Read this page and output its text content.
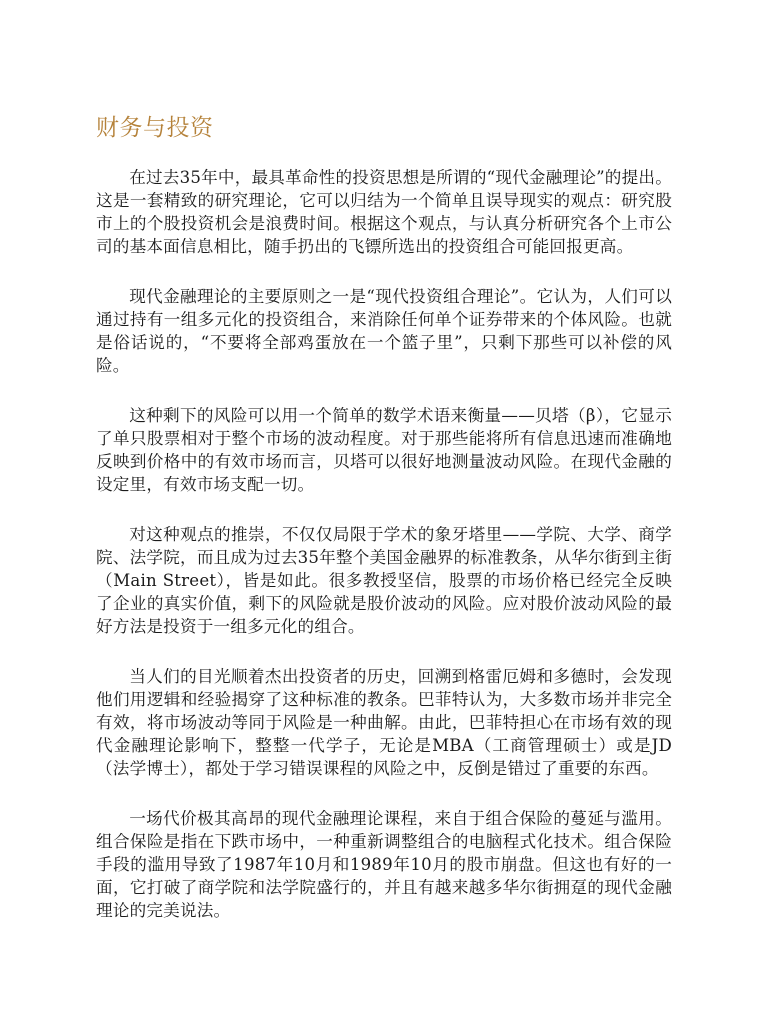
财务与投资

在过去35年中，最具革命性的投资思想是所谓的“现代金融理论”的提出。这是一套精致的研究理论，它可以归结为一个简单且误导现实的观点：研究股市上的个股投资机会是浪费时间。根据这个观点，与认真分析研究各个上市公司的基本面信息相比，随手扔出的飞镖所选出的投资组合可能回报更高。

现代金融理论的主要原则之一是“现代投资组合理论”。它认为，人们可以通过持有一组多元化的投资组合，来消除任何单个证券带来的个体风险。也就是俗话说的，“不要将全部鸡蛋放在一个篮子里”，只剩下那些可以补偿的风险。

这种剩下的风险可以用一个简单的数学术语来衡量——贝塔（β），它显示了单只股票相对于整个市场的波动程度。对于那些能将所有信息迅速而准确地反映到价格中的有效市场而言，贝塔可以很好地测量波动风险。在现代金融的设定里，有效市场支配一切。

对这种观点的推崇，不仅仅局限于学术的象牙塔里——学院、大学、商学院、法学院，而且成为过去35年整个美国金融界的标准教条，从华尔街到主街（Main Street），皆是如此。很多教授坚信，股票的市场价格已经完全反映了企业的真实价值，剩下的风险就是股价波动的风险。应对股价波动风险的最好方法是投资于一组多元化的组合。

当人们的目光顺着杰出投资者的历史，回溯到格雷厄姆和多德时，会发现他们用逻辑和经验揭穿了这种标准的教条。巴菲特认为，大多数市场并非完全有效，将市场波动等同于风险是一种曲解。由此，巴菲特担心在市场有效的现代金融理论影响下，整整一代学子，无论是MBA（工商管理硕士）或是JD（法学博士），都处于学习错误课程的风险之中，反倒是错过了重要的东西。

一场代价极其高昂的现代金融理论课程，来自于组合保险的蔓延与滥用。组合保险是指在下跌市场中，一种重新调整组合的电脑程式化技术。组合保险手段的滥用导致了1987年10月和1989年10月的股市崩盘。但这也有好的一面，它打破了商学院和法学院盛行的，并且有越来越多华尔街拥趸的现代金融理论的完美说法。
